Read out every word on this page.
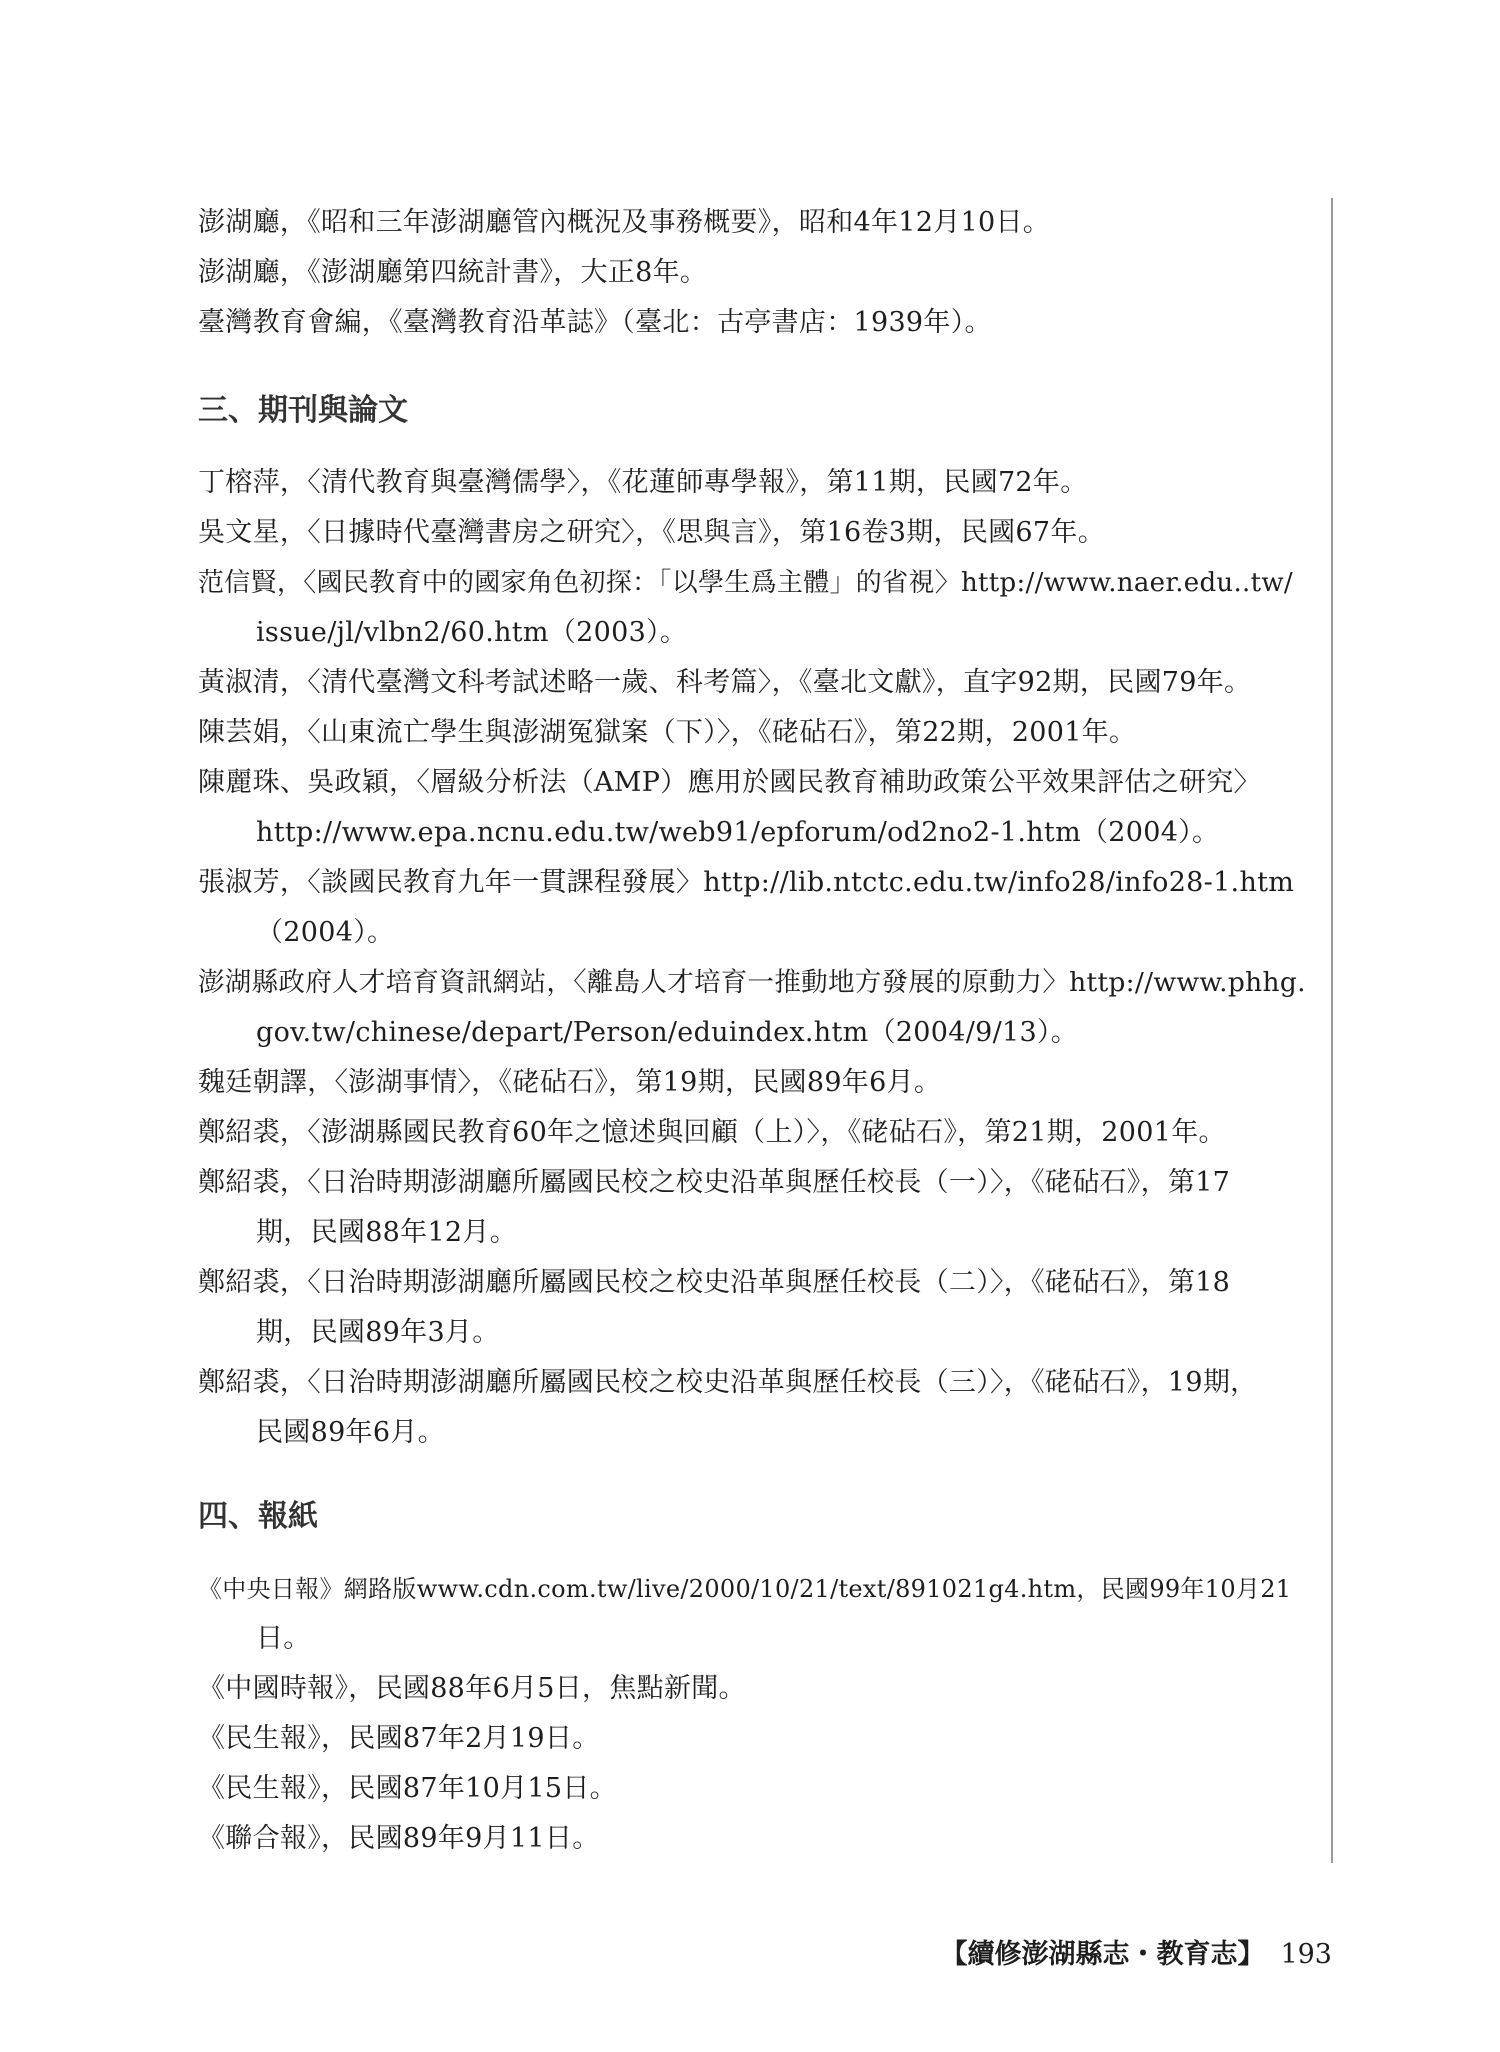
澎湖廳，《昭和三年澎湖廳管內概況及事務概要》，昭和4年12月10日。
澎湖廳，《澎湖廳第四統計書》，大正8年。
臺灣教育會編，《臺灣教育沿革誌》（臺北：古亭書店：1939年）。
三、期刊與論文
丁榕萍，〈清代教育與臺灣儒學〉，《花蓮師專學報》，第11期，民國72年。
吳文星，〈日據時代臺灣書房之研究〉，《思與言》，第16卷3期，民國67年。
范信賢，〈國民教育中的國家角色初探：「以學生爲主體」的省視〉http://www.naer.edu..tw/
issue/jl/vlbn2/60.htm（2003）。
黃淑清，〈清代臺灣文科考試述略一歲、科考篇〉，《臺北文獻》，直字92期，民國79年。
陳芸娟，〈山東流亡學生與澎湖冤獄案（下）〉，《硓砧石》，第22期，2001年。
陳麗珠、吳政穎，〈層級分析法（AMP）應用於國民教育補助政策公平效果評估之研究〉
http://www.epa.ncnu.edu.tw/web91/epforum/od2no2-1.htm（2004）。
張淑芳，〈談國民教育九年一貫課程發展〉http://lib.ntctc.edu.tw/info28/info28-1.htm
（2004）。
澎湖縣政府人才培育資訊網站，〈離島人才培育一推動地方發展的原動力〉http://www.phhg.
gov.tw/chinese/depart/Person/eduindex.htm（2004/9/13）。
魏廷朝譯，〈澎湖事情〉，《硓砧石》，第19期，民國89年6月。
鄭紹裘，〈澎湖縣國民教育60年之憶述與回顧（上）〉，《硓砧石》，第21期，2001年。
鄭紹裘，〈日治時期澎湖廳所屬國民校之校史沿革與歷任校長（一）〉，《硓砧石》，第17
期，民國88年12月。
鄭紹裘，〈日治時期澎湖廳所屬國民校之校史沿革與歷任校長（二）〉，《硓砧石》，第18
期，民國89年3月。
鄭紹裘，〈日治時期澎湖廳所屬國民校之校史沿革與歷任校長（三）〉，《硓砧石》，19期，
民國89年6月。
四、報紙
《中央日報》網路版www.cdn.com.tw/live/2000/10/21/text/891021g4.htm，民國99年10月21
日。
《中國時報》，民國88年6月5日，焦點新聞。
《民生報》，民國87年2月19日。
《民生報》，民國87年10月15日。
《聯合報》，民國89年9月11日。
【續修澎湖縣志・教育志】 193
